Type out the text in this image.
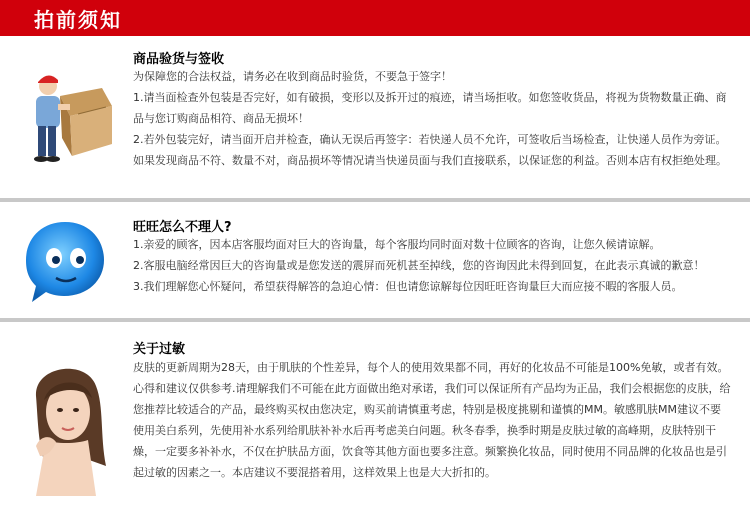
拍前须知
商品验货与签收

为保障您的合法权益，请务必在收到商品时验货，不要急于签字！

1.请当面检查外包装是否完好，如有破损，变形以及拆开过的痕迹，请当场拒收。如您签收货品，将视为货物数量正确、商品与您订购商品相符、商品无损坏！

2.若外包装完好，请当面开启并检查，确认无误后再签字：若快递人员不允许，可签收后当场检查，让快递人员作为旁证。如果发现商品不符、数量不对，商品损坏等情况请当快递员面与我们直接联系，以保证您的利益。否则本店有权拒绝处理。

旺旺怎么不理人?

1.亲爱的顾客，因本店客服均面对巨大的咨询量，每个客服均同时面对数十位顾客的咨询，让您久候请谅解。

2.客服电脑经常因巨大的咨询量或是您发送的震屏而死机甚至掉线，您的咨询因此未得到回复，在此表示真诚的歉意！

3.我们理解您心怀疑问，希望获得解答的急迫心情：但也请您谅解每位因旺旺咨询量巨大而应接不暇的客服人员。

关于过敏

皮肤的更新周期为28天，由于肌肤的个性差异，每个人的使用效果都不同，再好的化妆品不可能是100%免敏，或者有效。心得和建议仅供参考.请理解我们不可能在此方面做出绝对承诺，我们可以保证所有产品均为正品，我们会根据您的皮肤，给您推荐比较适合的产品，最终购买权由您决定，购买前请慎重考虑，特别是极度挑剔和谨慎的MM。敏感肌肤MM建议不要使用美白系列，先使用补水系列给肌肤补补水后再考虑美白问题。秋冬春季，换季时期是皮肤过敏的高峰期，皮肤特别干燥，一定要多补补水，不仅在护肤品方面，饮食等其他方面也要多注意。频繁换化妆品，同时使用不同品牌的化妆品也是引起过敏的因素之一。本店建议不要混搭着用，这样效果上也是大大折扣的。
